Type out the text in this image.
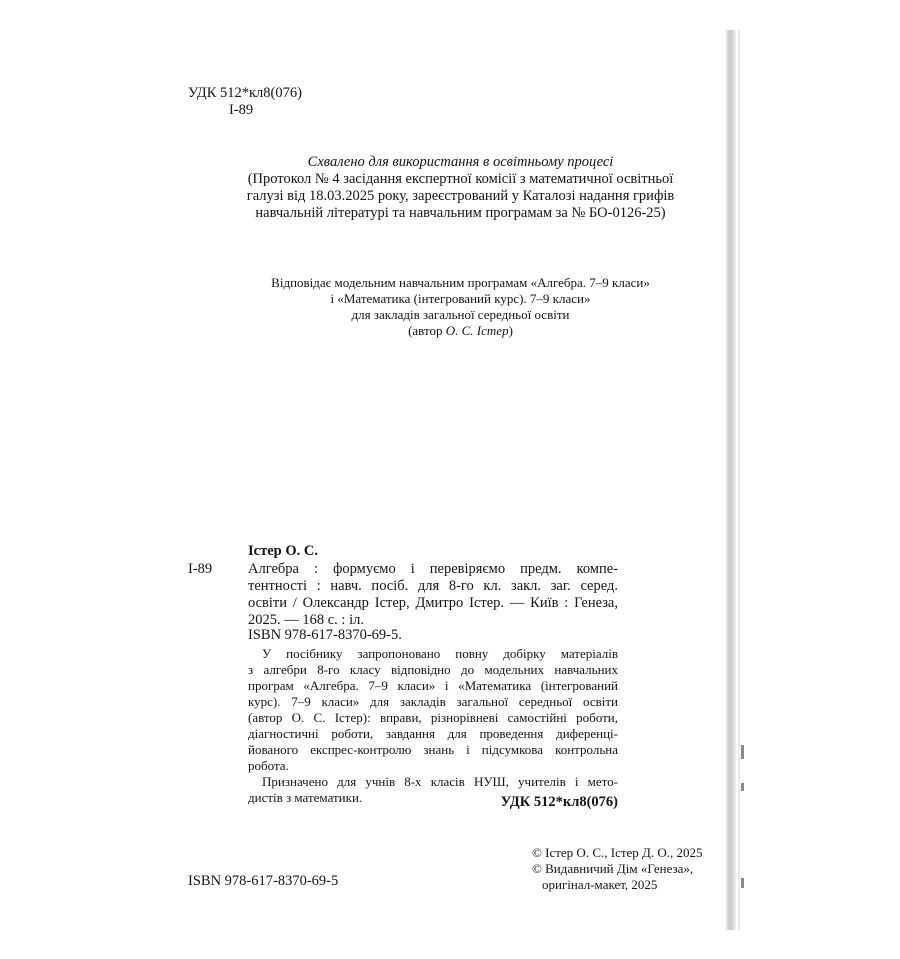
УДК 512*кл8(076)
І-89
Схвалено для використання в освітньому процесі
(Протокол № 4 засідання експертної комісії з математичної освітньої
галузі від 18.03.2025 року, зареєстрований у Каталозі надання грифів
навчальній літературі та навчальним програмам за № БО-0126-25)
Відповідає модельним навчальним програмам «Алгебра. 7–9 класи»
і «Математика (інтегрований курс). 7–9 класи»
для закладів загальної середньої освіти
(автор О. С. Істер)
Істер О. С.
І-89 Алгебра : формуємо і перевіряємо предм. компе-
тентності : навч. посіб. для 8-го кл. закл. заг. серед.
освіти / Олександр Істер, Дмитро Істер. — Київ : Генеза,
2025. — 168 с. : іл.
ISBN 978-617-8370-69-5.
У посібнику запропоновано повну добірку матеріалів
з алгебри 8-го класу відповідно до модельних навчальних
програм «Алгебра. 7–9 класи» і «Математика (інтегрований
курс). 7–9 класи» для закладів загальної середньої освіти
(автор О. С. Істер): вправи, різнорівневі самостійні роботи,
діагностичні роботи, завдання для проведення диференці-
йованого експрес-контролю знань і підсумкова контрольна
робота.
Призначено для учнів 8-х класів НУШ, учителів і мето-
дистів з математики.	УДК 512*кл8(076)
ISBN 978-617-8370-69-5
© Істер О. С., Істер Д. О., 2025
© Видавничий Дім «Генеза»,
оригінал-макет, 2025
